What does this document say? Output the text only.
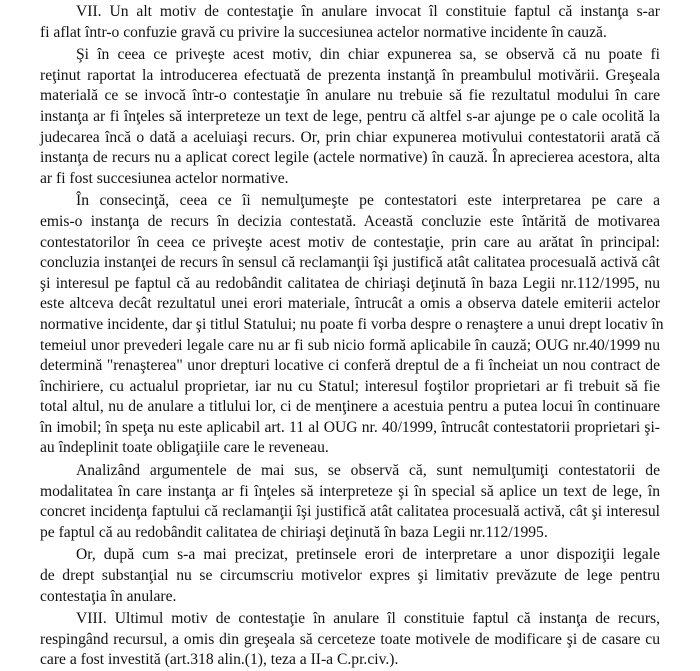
VII. Un alt motiv de contestaţie în anulare invocat îl constituie faptul că instanţa s-ar
fi aflat într-o confuzie gravă cu privire la succesiunea actelor normative incidente în cauză.

Şi în ceea ce priveşte acest motiv, din chiar expunerea sa, se observă că nu poate fi
reţinut raportat la introducerea efectuată de prezenta instanţă în preambulul motivării. Greşeala
materială ce se invocă într-o contestaţie în anulare nu trebuie să fie rezultatul modului în care
instanţa ar fi înţeles să interpreteze un text de lege, pentru că altfel s-ar ajunge pe o cale ocolită la
judecarea încă o dată a aceluiaşi recurs. Or, prin chiar expunerea motivului contestatorii arată că
instanţa de recurs nu a aplicat corect legile (actele normative) în cauză. În aprecierea acestora, alta
ar fi fost succesiunea actelor normative.

În consecinţă, ceea ce îi nemulţumeşte pe contestatori este interpretarea pe care a
emis-o instanţa de recurs în decizia contestată. Această concluzie este întărită de motivarea
contestatorilor în ceea ce priveşte acest motiv de contestaţie, prin care au arătat în principal:
concluzia instanţei de recurs în sensul că reclamanţii îşi justifică atât calitatea procesuală activă cât
şi interesul pe faptul că au redobândit calitatea de chiriaşi deţinută în baza Legii nr.112/1995, nu
este altceva decât rezultatul unei erori materiale, întrucât a omis a observa datele emiterii actelor
normative incidente, dar şi titlul Statului; nu poate fi vorba despre o renaştere a unui drept locativ în
temeiul unor prevederi legale care nu ar fi sub nicio formă aplicabile în cauză; OUG nr.40/1999 nu
determină "renaşterea" unor drepturi locative ci conferă dreptul de a fi încheiat un nou contract de
închiriere, cu actualul proprietar, iar nu cu Statul; interesul foştilor proprietari ar fi trebuit să fie
total altul, nu de anulare a titlului lor, ci de menţinere a acestuia pentru a putea locui în continuare
în imobil; în speţa nu este aplicabil art. 11 al OUG nr. 40/1999, întrucât contestatorii proprietari şi-
au îndeplinit toate obligaţiile care le reveneau.

Analizând argumentele de mai sus, se observă că, sunt nemulţumiţi contestatorii de
modalitatea în care instanţa ar fi înţeles să interpreteze şi în special să aplice un text de lege, în
concret incidenţa faptului că reclamanţii îşi justifică atât calitatea procesuală activă, cât şi interesul
pe faptul că au redobândit calitatea de chiriaşi deţinută în baza Legii nr.112/1995.

Or, după cum s-a mai precizat, pretinsele erori de interpretare a unor dispoziţii legale
de drept substanţial nu se circumscriu motivelor expres şi limitativ prevăzute de lege pentru
contestaţia în anulare.

VIII. Ultimul motiv de contestaţie în anulare îl constituie faptul că instanţa de recurs,
respingând recursul, a omis din greşeala să cerceteze toate motivele de modificare şi de casare cu
care a fost investită (art.318 alin.(1), teza a II-a C.pr.civ.).
